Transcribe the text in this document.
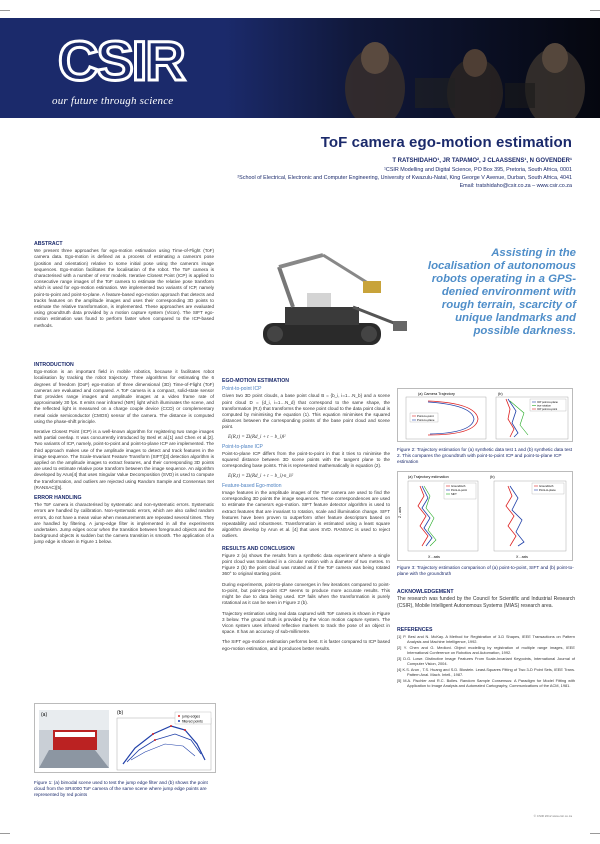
CSIR
our future through science
ToF camera ego-motion estimation
T RATSHIDAHO¹, JR TAPAMO², J CLAASSENS¹, N GOVENDER¹
¹CSIR Modelling and Digital Science, PO Box 395, Pretoria, South Africa, 0001
²School of Electrical, Electronic and Computer Engineering, University of Kwazulu-Natal, King George V Avenue, Durban, South Africa, 4041
Email: tratshidaho@csir.co.za – www.csir.co.za
ABSTRACT
We present three approaches for ego-motion estimation using Time-of-Flight (ToF) camera data. Ego-motion is defined as a process of estimating a camera's pose (position and orientation) relative to some initial pose using the camera's image sequences. Ego-motion facilitates the localisation of the robot. The ToF camera is characterised with a number of error models. Iterative Closest Point (ICP) is applied to consecutive range images of the ToF camera to estimate the relative pose transform which is used for ego-motion estimation. We implemented two variants of ICP, namely point-to-point and point-to-plane. A feature-based ego-motion approach that detects and tracks features on the amplitude images and uses their corresponding 3D points to estimate the relative transformation, is implemented. These approaches are evaluated using groundtruth data provided by a motion capture system (Vicon). The SIFT ego-motion estimation was found to perform faster when compared to the ICP-based methods.
INTRODUCTION
Ego-motion is an important field in mobile robotics, because it facilitates robot localisation by tracking the robot trajectory. Three algorithms for estimating the 6 degrees of freedom (DoF) ego-motion of three dimensional (3D) Time-of-Flight (ToF) cameras are evaluated and compared. A ToF camera is a compact, solid-state sensor that provides range images and amplitude images at a video frame rate of approximately 30 fps. It emits near infrared (NIR) light which illuminates the scene, and the reflected light is measured on a charge couple device (CCD) or complementary metal oxide semiconductor (CMOS) sensor of the camera. The distance is computed using the phase-shift principle.
Iterative Closest Point (ICP) is a well-known algorithm for registering two range images with partial overlap. It was concurrently introduced by Besl et al.[1] and Chen et al.[2]. Two variants of ICP, namely, point-to-point and point-to-plane ICP are implemented. The third approach makes use of the amplitude images to detect and track features in the image sequence. The Scale-Invariant Feature Transform (SIFT)[3] detection algorithm is applied on the amplitude images to extract features, and their corresponding 3D points are used to estimate relative pose transform between the image sequence. An algorithm developed by Arun[4] that uses Singular Value Decomposition (SVD) is used to compute the transformation, and outliers are rejected using Random Sample and Consensus Set (RANSAC)[5].
ERROR HANDLING
The ToF camera is characterised by systematic and non-systematic errors. Systematic errors are handled by calibration. Non-systematic errors, which are also called random errors, do not have a mean value when measurements are repeated several times. They are handled by filtering. A jump-edge filter is implemented in all the experiments undertaken. Jump edges occur when the transition between foreground objects and the background objects is sudden but the camera transition is smooth. The application of a jump edge is shown in Figure 1 below.
(a)	(b)
jump edges
filtered points
Figure 1: (a) bimodal scene used to test the jump edge filter and (b) shows the point cloud from the SR4000 ToF camera of the same scene where jump edge points are represented by red points
Assisting in the localisation of autonomous robots operating in a GPS-denied environment with rough terrain, scarcity of unique landmarks and possible darkness.
EGO-MOTION ESTIMATION
Point-to-point ICP
Given two 3D point clouds, a base point cloud B = {b_i, i=1…N_b} and a scene point cloud D = {d_i, i=1…N_d} that correspond to the same shape, the transformation (R,t) that transforms the scene point cloud to the data point cloud is computed by minimising the equation (1). This equation minimises the squared distances between the corresponding points of the base point cloud and scene point.
E(R,t) = Σ‖(Rd_i + t − b_i)‖²
Point-to-plane ICP
Point-to-plane ICP differs from the point-to-point in that it tries to minimise the squared distance between 3D scene points with the tangent plane to the corresponding base points. This is represented mathematically in equation (2).
E(R,t) = Σ‖(Rd_i + t − b_i)·n_i‖²
Feature-based Ego-motion
Image features in the amplitude images of the ToF camera are used to find the corresponding 3D points the image sequences. These correspondences are used to estimate the camera's ego-motion. SIFT feature detector algorithm is used to extract features that are invariant to rotation, scale and illumination change. SIFT features have been proven to outperform other feature descriptors based on repeatability and robustness. Transformation is estimated using a least square algorithm develop by Arun et al. [4] that uses SVD. RANSAC is used to reject outliers.
RESULTS AND CONCLUSION
Figure 2 (a) shows the results from a synthetic data experiment where a single point cloud was translated in a circular motion with a diameter of two metres. In Figure 2 (b) the point cloud was rotated as if the ToF camera was being rotated 360° to original starting point.
During experiments, point-to-plane converges in few iterations compared to point-to-point, but point-to-point ICP seems to produce more accurate results. This might be due to data being used. ICP fails when the transformation is purely rotational as it can be seen in Figure 2 (b).
Trajectory estimation using real data captured with ToF camera is shown in Figure 3 below. The ground truth is provided by the Vicon motion capture system. The Vicon system uses infrared reflective markers to track the pose of an object in space. It has an accuracy of sub-millimetre.
The SIFT ego-motion estimation performs best. It is faster compared to ICP based ego-motion estimation, and it produces better results.
(a) Camera Trajectory
Point-to-point
Point-to-plane
(b)
ICP point-to-plane
true rotation
ICP point-to-point
Figure 2: Trajectory estimation for (a) synthetic data test 1 and (b) synthetic data test 2. This compares the groundtruth with point-to-point ICP and point-to-plane ICP estimation
(a) Trajectory estimation
Groundtruth
Point-to-point
SIFT
X - axis
Z - axis
(b)
Groundtruth
Point-to-plane
X - axis
Figure 3: Trajectory estimation comparison of (a) point-to-point, SIFT and (b) point-to-plane with the groundtruth
ACKNOWLEDGEMENT
The research was funded by the Council for Scientific and Industrial Research (CSIR), Mobile Intelligent Autonomous Systems (MIAS) research area.
REFERENCES
[1] P. Besl and N. McKay. A Method for Registration of 3-D Shapes, IEEE Transactions on Pattern Analysis and Machine Intelligence, 1992.
[2] Y. Chen and G. Medioni. Object modelling by registration of multiple range images, IEEE International Conference on Robotics and Automation, 1992.
[3] D.G. Lowe. Distinctive Image Features From Scale-Invariant Keypoints, International Journal of Computer Vision, 2004.
[4] K.S. Arun , T.S. Huang and S.D. Blostein. Least-Squares Fitting of Two 3-D Point Sets, IEEE Trans. Pattern Anal. Mach. Intell., 1987.
[5] M.A. Fischler and R.C. Bolles. Random Sample Consensus: A Paradigm for Model Fitting with Application to Image Analysis and Automated Cartography, Communications of the ACM, 1981.
© CSIR 2012 www.csir.co.za
